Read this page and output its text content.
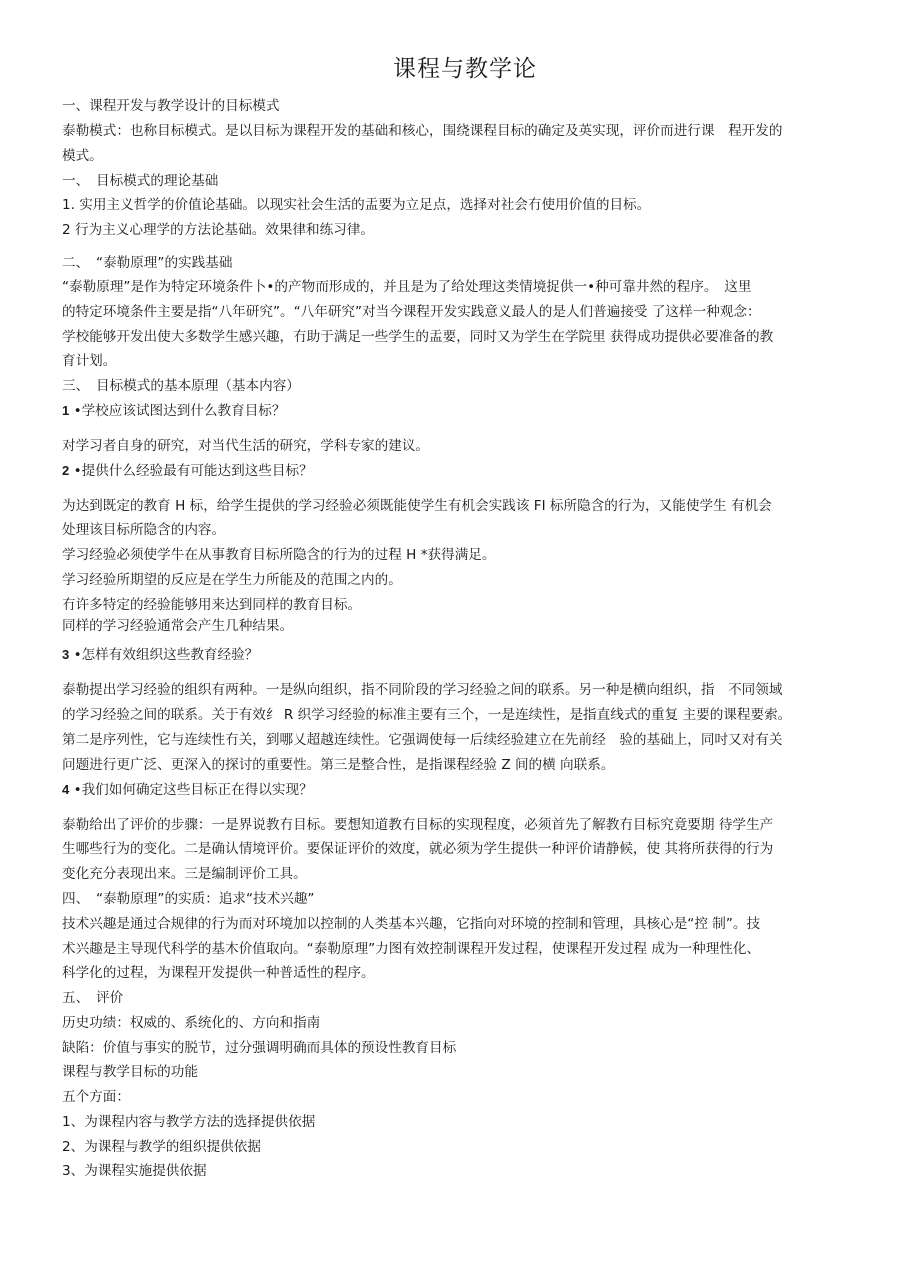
课程与教学论
一、课程开发与教学设计的目标模式
泰勒模式：也称目标模式。是以目标为课程开发的基础和核心，围绕课程目标的确定及英实现，评价而进行课　程开发的
模式。
一、　目标模式的理论基础
1. 实用主义哲学的价值论基础。以现实社会生活的盂要为立足点，选择对社会冇使用价值的目标。
2 行为主义心理学的方法论基础。效果律和练习律。
二、　“泰勒原理”的实践基础
“泰勒原理”是作为特定环境条件卜•的产物而形成的，并且是为了给处理这类情境捉供一•种可靠井然的程序。　这里
的特定环境条件主要是指“八年研究”。“八年研究”对当今课程开发实践意义最人的是人们普遍接受 了这样一种观念：
学校能够开发出使大多数学生感兴趣，冇助于满足一些学生的盂要，同时又为学生在学院里 获得成功提供必要准备的教
育计划。
三、　目标模式的基本原理（基本内容）
1 •学校应该试图达到什么教育目标？
对学习者自身的研究，对当代生活的研究，学科专家的建议。
2 •提供什么经验最有可能达到这些目标？
为达到既定的教育 H 标，给学生提供的学习经验必须既能使学生有机会实践该 FI 标所隐含的行为，又能使学生 有机会
处理该目标所隐含的内容。
学习经验必须使学牛在从事教育目标所隐含的行为的过程 H *获得满足。
学习经验所期望的反应是在学生力所能及的范围之内的。
冇许多特定的经验能够用来达到同样的教育目标。
同样的学习经验通常会产生几种结果。
3 •怎样有效组织这些教育经验？
泰勒提出学习经验的组织有两种。一是纵向组织，指不同阶段的学习经验之间的联系。另一种是横向组织，指　不同领域
的学习经验之间的联系。关于有效纟 R 织学习经验的标准主要有三个，一是连续性，是指直线式的重复 主要的课程要索。
第二是序列性，它与连续性冇关，到哪乂超越连续性。它强调使每一后续经验建立在先前经　验的基础上，同吋又对有关
问题进行更广泛、更深入的探讨的重要性。第三是整合性，是指课程经验 Z 间的横 向联系。
4 •我们如何确定这些目标正在得以实现？
泰勒给出了评价的步骤：一是界说教冇目标。要想知道教冇目标的实现程度，必须首先了解教冇目标究竟要期 待学生产
生哪些行为的变化。二是确认情境评价。要保证评价的效度，就必须为学生提供一种评价请静候，使 其将所获得的行为
变化充分表现出来。三是编制评价工具。
四、　“泰勒原理”的实质：追求“技术兴趣”
技术兴趣是通过合规律的行为而对环境加以控制的人类基本兴趣，它指向对环境的控制和管理，具核心是“控 制”。技
术兴趣是主导现代科学的基木价值取向。“泰勒原理”力图有效控制课程开发过程，使课程开发过程 成为一种理性化、
科学化的过程，为课程开发提供一种普适性的程序。
五、　评价
历史功绩：权威的、系统化的、方向和指南
缺陷：价值与事实的脱节，过分强调明确而具体的预设性教育目标
课程与教学目标的功能
五个方面：
1、为课程内容与教学方法的选择提供依据
2、为课程与教学的组织提供依据
3、为课程实施提供依据
